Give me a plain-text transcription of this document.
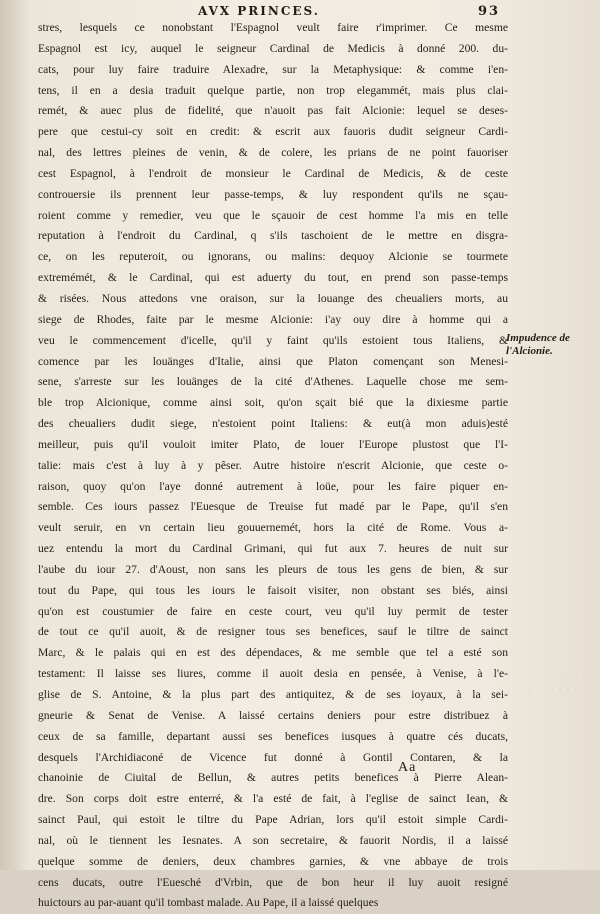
AVX PRINCES.	93
stres, lesquels ce nonobstant l'Espagnol veult faire r'imprimer. Ce mesme
Espagnol est icy, auquel le seigneur Cardinal de Medicis à donné 200. du-
cats, pour luy faire traduire Alexadre, sur la Metaphysique: & comme i'en-
tens, il en a desia traduit quelque partie, non trop elegammét, mais plus clai-
remét, & auec plus de fidelité, que n'auoit pas fait Alcionie: lequel se deses-
pere que cestui-cy soit en credit: & escrit aux fauoris dudit seigneur Cardi-
nal, des lettres pleines de venin, & de colere, les prians de ne point fauoriser
cest Espagnol, à l'endroit de monsieur le Cardinal de Medicis, & de ceste
controuersie ils prennent leur passe-temps, & luy respondent qu'ils ne sçau-
roient comme y remedier, veu que le sçauoir de cest homme l'a mis en telle
reputation à l'endroit du Cardinal, q s'ils taschoient de le mettre en disgra-
ce, on les reputeroit, ou ignorans, ou malins: dequoy Alcionie se tourmete
extremémét, & le Cardinal, qui est aduerty du tout, en prend son passe-temps
& risées. Nous attedons vne oraison, sur la louange des cheualiers morts, au
siege de Rhodes, faite par le mesme Alcionie: i'ay ouy dire à homme qui a
veu le commencement d'icelle, qu'il y faint qu'ils estoient tous Italiens, &
comence par les louänges d'Italie, ainsi que Platon començant son Menesi-
sene, s'arreste sur les louänges de la cité d'Athenes. Laquelle chose me sem-
ble trop Alcionique, comme ainsi soit, qu'on sçait bié que la dixiesme partie
des cheualiers dudit siege, n'estoient point Italiens: & eut(à mon aduis)esté
meilleur, puis qu'il vouloit imiter Plato, de louer l'Europe plustost que l'I-
talie: mais c'est à luy à y pêser. Autre histoire n'escrit Alcionie, que ceste o-
raison, quoy qu'on l'aye donné autrement à loüe, pour les faire piquer en-
semble. Ces iours passez l'Euesque de Treuise fut madé par le Pape, qu'il s'en
veult seruir, en vn certain lieu gouuernemét, hors la cité de Rome. Vous a-
uez entendu la mort du Cardinal Grimani, qui fut aux 7. heures de nuit sur
l'aube du iour 27. d'Aoust, non sans les pleurs de tous les gens de bien, & sur
tout du Pape, qui tous les iours le faisoit visiter, non obstant ses biés, ainsi
qu'on est coustumier de faire en ceste court, veu qu'il luy permit de tester
de tout ce qu'il auoit, & de resigner tous ses benefices, sauf le tiltre de sainct
Marc, & le palais qui en est des dépendaces, & me semble que tel a esté son
testament: Il laisse ses liures, comme il auoit desia en pensée, à Venise, à l'e-
glise de S. Antoine, & la plus part des antiquitez, & de ses ioyaux, à la sei-
gneurie & Senat de Venise. A laissé certains deniers pour estre distribuez à
ceux de sa famille, departant aussi ses benefices iusques à quatre cés ducats,
desquels l'Archidiaconé de Vicence fut donné à Gontil Contaren, & la
chanoinie de Ciuital de Bellun, & autres petits benefices à Pierre Alean-
dre. Son corps doit estre enterré, & l'a esté de fait, à l'eglise de sainct Iean, &
sainct Paul, qui estoit le tiltre du Pape Adrian, lors qu'il estoit simple Cardi-
nal, où le tiennent les Iesnates. A son secretaire, & fauorit Nordis, il a laissé
quelque somme de deniers, deux chambres garnies, & vne abbaye de trois
cens ducats, outre l'Euesché d'Vrbin, que de bon heur il luy auoit resigné
huictours au par-auant qu'il tombast malade. Au Pape, il a laissé quelques
Impudence de l'Alcionie.
· · · · · · · ·
· · · · · · ·
Aa
